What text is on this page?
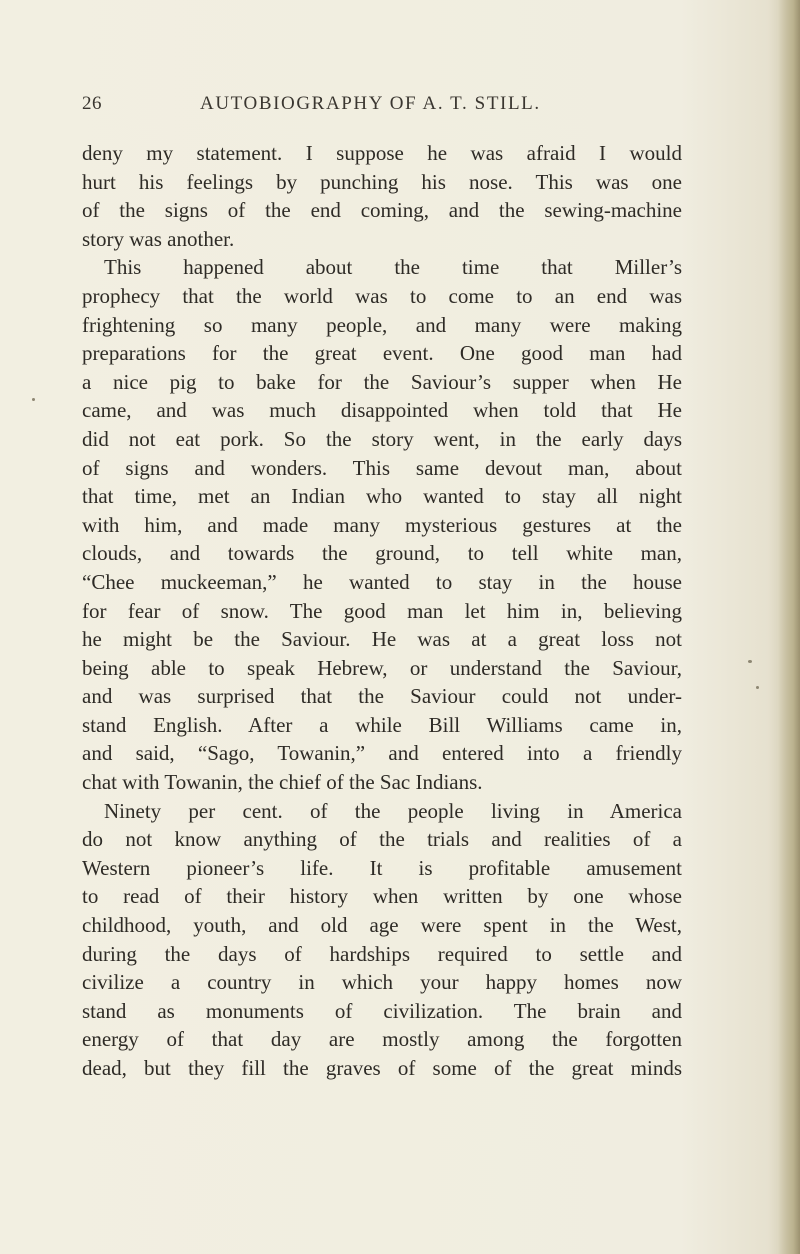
26	AUTOBIOGRAPHY OF A. T. STILL.
deny my statement. I suppose he was afraid I would
hurt his feelings by punching his nose. This was one
of the signs of the end coming, and the sewing-machine
story was another.
This happened about the time that Miller’s
prophecy that the world was to come to an end was
frightening so many people, and many were making
preparations for the great event. One good man had
a nice pig to bake for the Saviour’s supper when He
came, and was much disappointed when told that He
did not eat pork. So the story went, in the early days
of signs and wonders. This same devout man, about
that time, met an Indian who wanted to stay all night
with him, and made many mysterious gestures at the
clouds, and towards the ground, to tell white man,
“Chee muckeeman,” he wanted to stay in the house
for fear of snow. The good man let him in, believing
he might be the Saviour. He was at a great loss not
being able to speak Hebrew, or understand the Saviour,
and was surprised that the Saviour could not under-
stand English. After a while Bill Williams came in,
and said, “Sago, Towanin,” and entered into a friendly
chat with Towanin, the chief of the Sac Indians.
Ninety per cent. of the people living in America
do not know anything of the trials and realities of a
Western pioneer’s life. It is profitable amusement
to read of their history when written by one whose
childhood, youth, and old age were spent in the West,
during the days of hardships required to settle and
civilize a country in which your happy homes now
stand as monuments of civilization. The brain and
energy of that day are mostly among the forgotten
dead, but they fill the graves of some of the great minds
